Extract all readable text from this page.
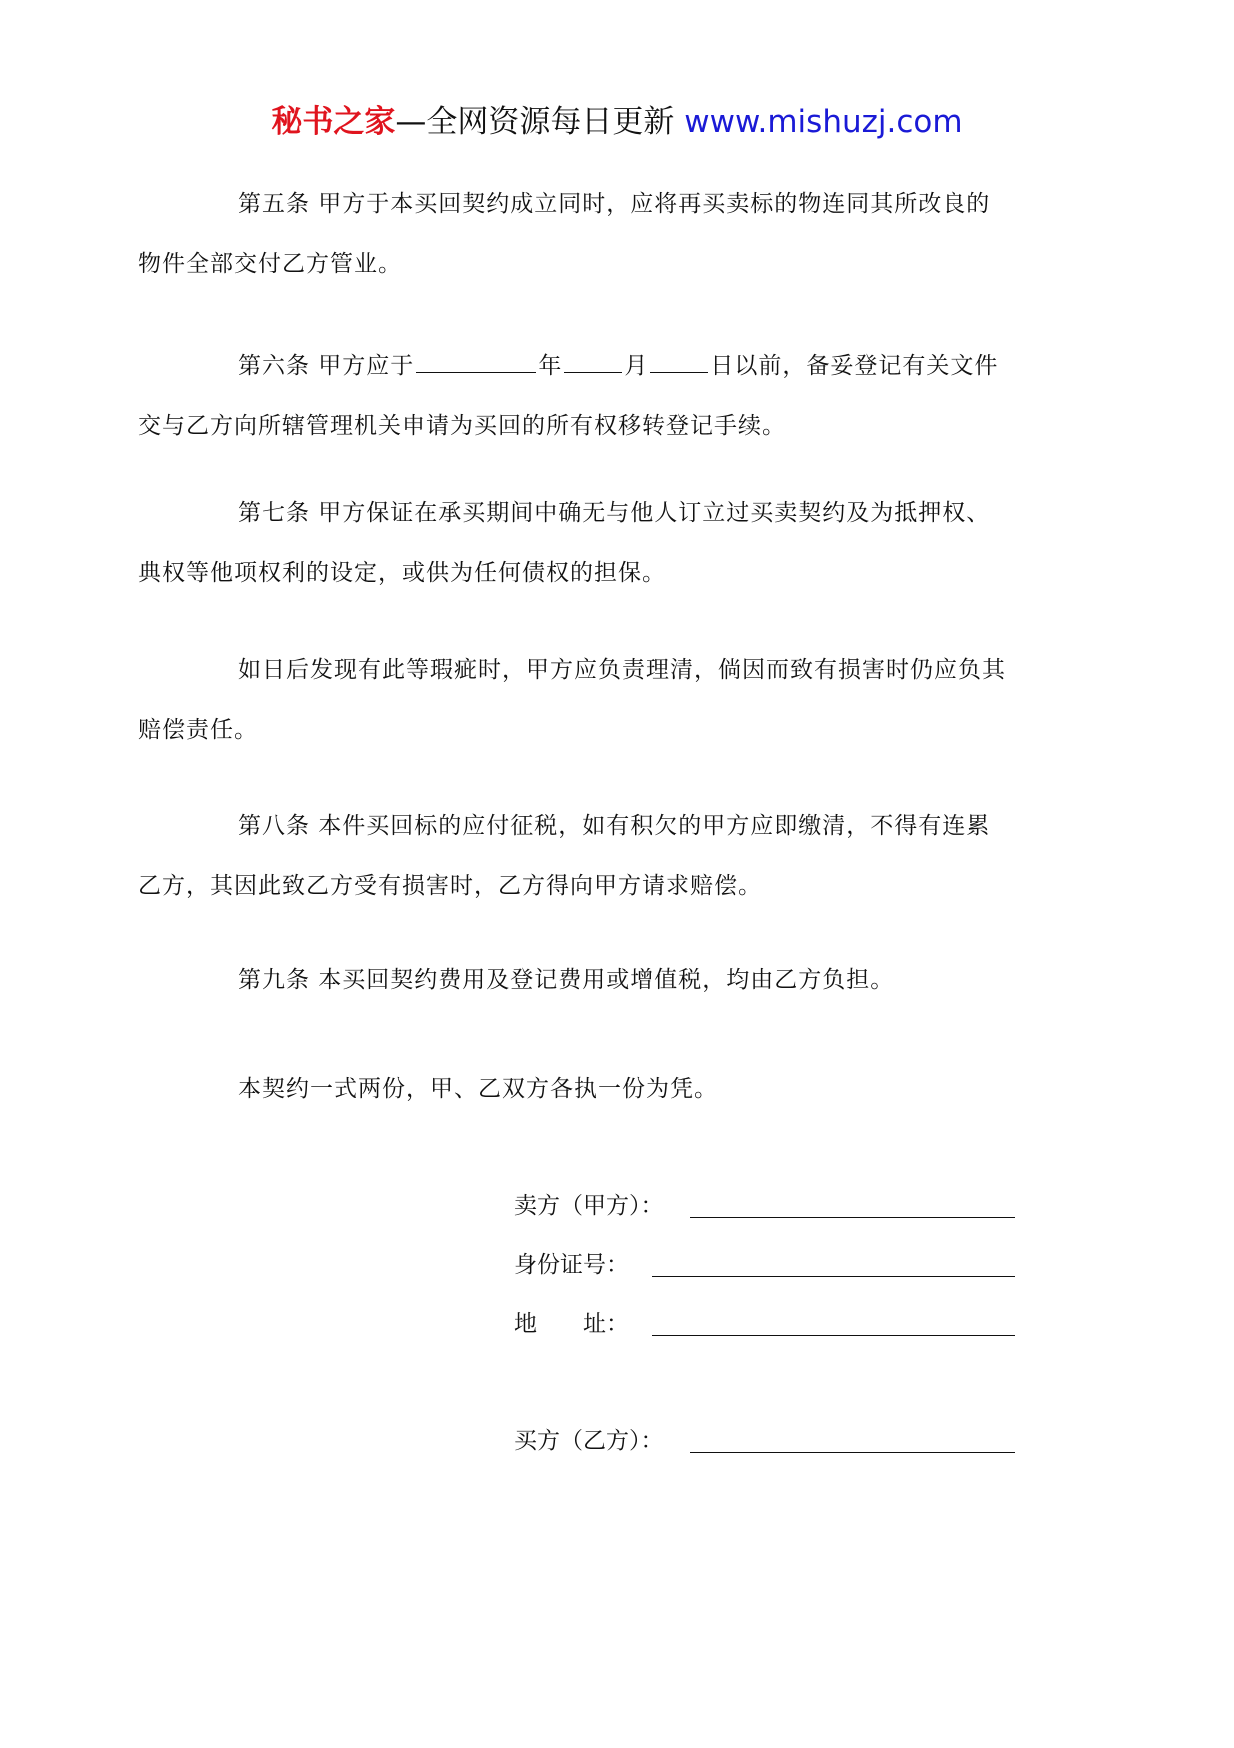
秘书之家—全网资源每日更新 www.mishuzj.com
第五条 甲方于本买回契约成立同时，应将再买卖标的物连同其所改良的
物件全部交付乙方管业。
第六条 甲方应于	年	月	日以前，备妥登记有关文件
交与乙方向所辖管理机关申请为买回的所有权移转登记手续。
第七条 甲方保证在承买期间中确无与他人订立过买卖契约及为抵押权、
典权等他项权利的设定，或供为任何债权的担保。
如日后发现有此等瑕疵时，甲方应负责理清，倘因而致有损害时仍应负其
赔偿责任。
第八条 本件买回标的应付征税，如有积欠的甲方应即缴清，不得有连累
乙方，其因此致乙方受有损害时，乙方得向甲方请求赔偿。
第九条 本买回契约费用及登记费用或增值税，均由乙方负担。
本契约一式两份，甲、乙双方各执一份为凭。
卖方（甲方）：
身份证号：
地　　址：
买方（乙方）：
